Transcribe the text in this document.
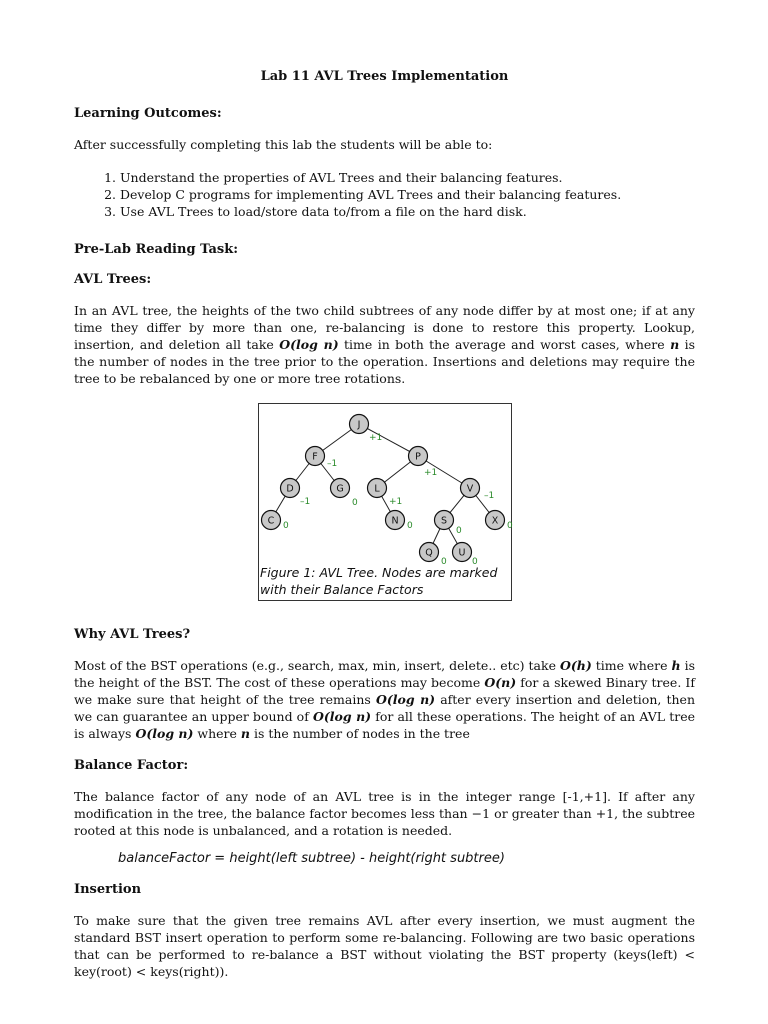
Lab 11 AVL Trees Implementation
Learning Outcomes:

After successfully completing this lab the students will be able to:

1. Understand the properties of AVL Trees and their balancing features.
2. Develop C programs for implementing AVL Trees and their balancing features.
3. Use AVL Trees to load/store data to/from a file on the hard disk.
Pre-Lab Reading Task:
AVL Trees:

In an AVL tree, the heights of the two child subtrees of any node differ by at most one; if at any time they differ by more than one, re-balancing is done to restore this property. Lookup, insertion, and deletion all take O(log n) time in both the average and worst cases, where n is the number of nodes in the tree prior to the operation. Insertions and deletions may require the tree to be rebalanced by one or more tree rotations.

J
+1
F
–1
P
+1
D
–1
G
0
L
+1
V
–1
C 0	N 0	S
0
X 0
Q
0
U
0
Figure 1: AVL Tree. Nodes are marked with their Balance Factors
Why AVL Trees?

Most of the BST operations (e.g., search, max, min, insert, delete.. etc) take O(h) time where h is the height of the BST. The cost of these operations may become O(n) for a skewed Binary tree. If we make sure that height of the tree remains O(log n) after every insertion and deletion, then we can guarantee an upper bound of O(log n) for all these operations. The height of an AVL tree is always O(log n) where n is the number of nodes in the tree

Balance Factor:

The balance factor of any node of an AVL tree is in the integer range [-1,+1]. If after any modification in the tree, the balance factor becomes less than −1 or greater than +1, the subtree rooted at this node is unbalanced, and a rotation is needed.

balanceFactor = height(left subtree) - height(right subtree)
Insertion

To make sure that the given tree remains AVL after every insertion, we must augment the standard BST insert operation to perform some re-balancing. Following are two basic operations that can be performed to re-balance a BST without violating the BST property (keys(left) < key(root) < keys(right)).
